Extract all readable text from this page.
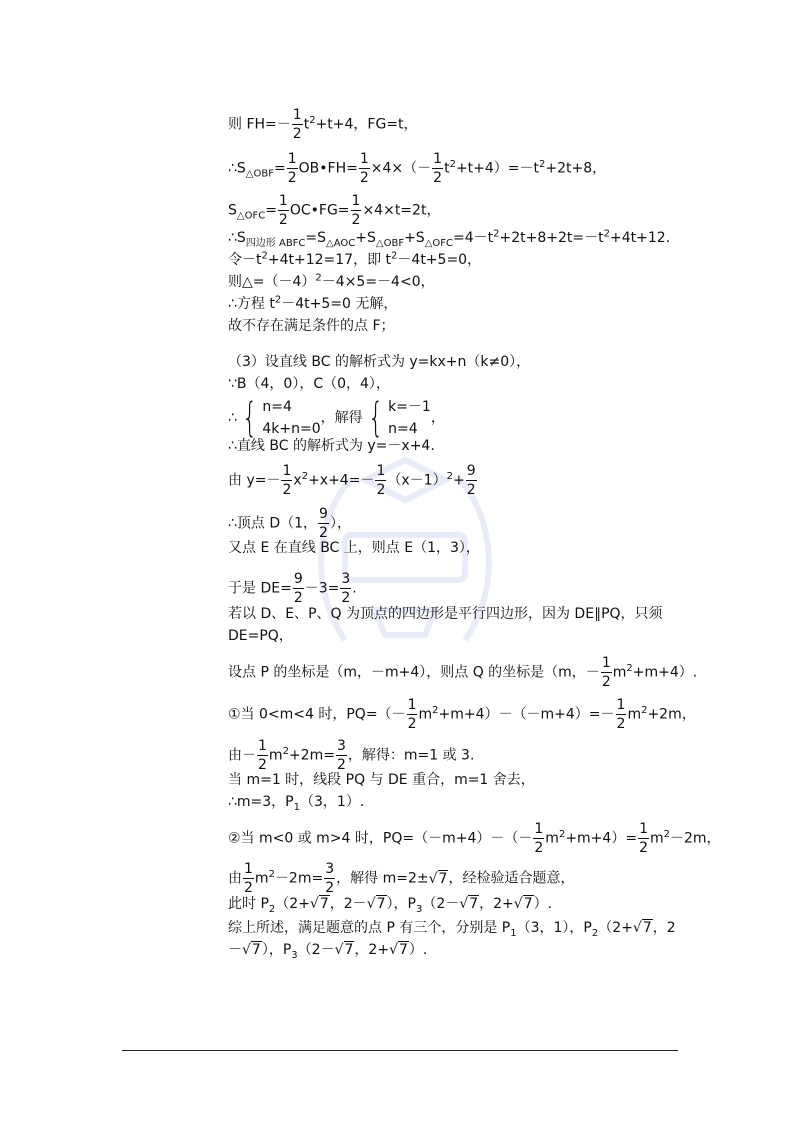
则 $FH=- \frac{1}{2} t^2+t+4$，FG=t，
$\therefore S_{\triangle OBF}= \frac{1}{2}$ OB•FH= $\frac{1}{2} \times 4\times(- \frac{1}{2} t^2+t+4)=-t^2+2t+8$，
$S_{\triangle OFC}= \frac{1}{2}$ OC•FG= $\frac{1}{2} \times 4\times t=2t$，
$\therefore S_{四边形 ABFC}=S_{\triangle AOC}+S_{\triangle OBF}+S_{\triangle OFC}=4-t^2+2t+8+2t=-t^2+4t+12$.
令$-t^2+4t+12=17$，即 $t^2-4t+5=0$，
则$\triangle=(-4)^2-4\times 5=-4<0$，
∴方程 $t^2-4t+5=0$ 无解，
故不存在满足条件的点 F；
（3）设直线 BC 的解析式为 y=kx+n（k≠0），
∵B（4，0），C（0，4），
∴ { n=4
4k+n=0
，解得 { k=－1
n=4
，
∴直线 BC 的解析式为 y=－x+4.
由 $y=- \frac{1}{2} x^2+x+4=- \frac{1}{2} (x-1)^2+ \frac{9}{2}$
∴顶点 D（1， $\frac{9}{2}$ ），
又点 E 在直线 BC 上，则点 E（1，3），
于是 $DE= \frac{9}{2} -3= \frac{3}{2}$ .
若以 D、E、P、Q 为顶点的四边形是平行四边形，因为 DE∥PQ，只须
DE=PQ，
设点 P 的坐标是（m，－m+4），则点 Q 的坐标是（m，－ $\frac{1}{2} m^2+m+4$）.
①当 0<m<4 时，$PQ=(- \frac{1}{2} m^2+m+4)-(-m+4)=- \frac{1}{2} m^2+2m$，
由－ $\frac{1}{2} m^2+2m= \frac{3}{2}$ ，解得：m=1 或 3.
当 m=1 时，线段 PQ 与 DE 重合，m=1 舍去，
∴m=3，$P_1(3$，1）.
②当 m<0 或 m>4 时，$PQ=(-m+4)-(- \frac{1}{2} m^2+m+4)= \frac{1}{2} m^2-2m$，
由 $\frac{1}{2} m^2-2m= \frac{3}{2}$ ，解得 m=2±√7，经检验适合题意，
此时 $P_2(2+√7$，2－√7），$P_3(2-√7$，2+√7）.
综上所述，满足题意的点 P 有三个，分别是 $P_1(3$，1），$P_2(2+√7$，2
－√7），$P_3(2-√7$，2+√7）.
